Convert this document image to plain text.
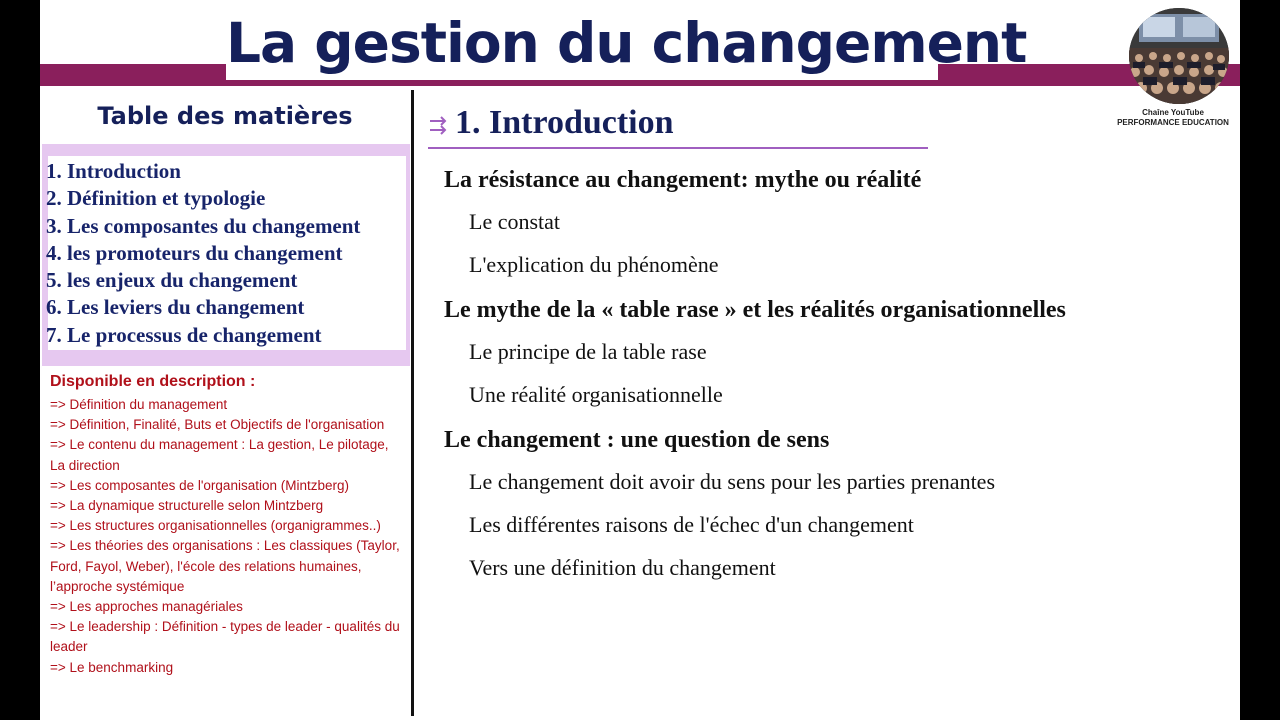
La gestion du changement
Chaîne YouTube
PERFORMANCE EDUCATION
Table des matières
1. Introduction
2. Définition et typologie
3. Les composantes du changement
4. les promoteurs du changement
5. les enjeux du changement
6. Les leviers du changement
7. Le processus de changement
Disponible en description :
=> Définition du management
=> Définition, Finalité, Buts et Objectifs de l'organisation
=> Le contenu du management : La gestion, Le pilotage, La direction
=> Les composantes de l'organisation (Mintzberg)
=> La dynamique structurelle selon Mintzberg
=> Les structures organisationnelles (organigrammes..)
=> Les théories des organisations : Les classiques (Taylor, Ford, Fayol, Weber), l'école des relations humaines, l’approche systémique
=> Les approches managériales
=> Le leadership : Définition - types de leader - qualités du leader
=> Le benchmarking
1. Introduction
La résistance au changement: mythe ou réalité
Le constat
L'explication du phénomène
Le mythe de la « table rase » et les réalités organisationnelles
Le principe de la table rase
Une réalité organisationnelle
Le changement : une question de sens
Le changement doit avoir du sens pour les parties prenantes
Les différentes raisons de l'échec d'un changement
Vers une définition du changement
